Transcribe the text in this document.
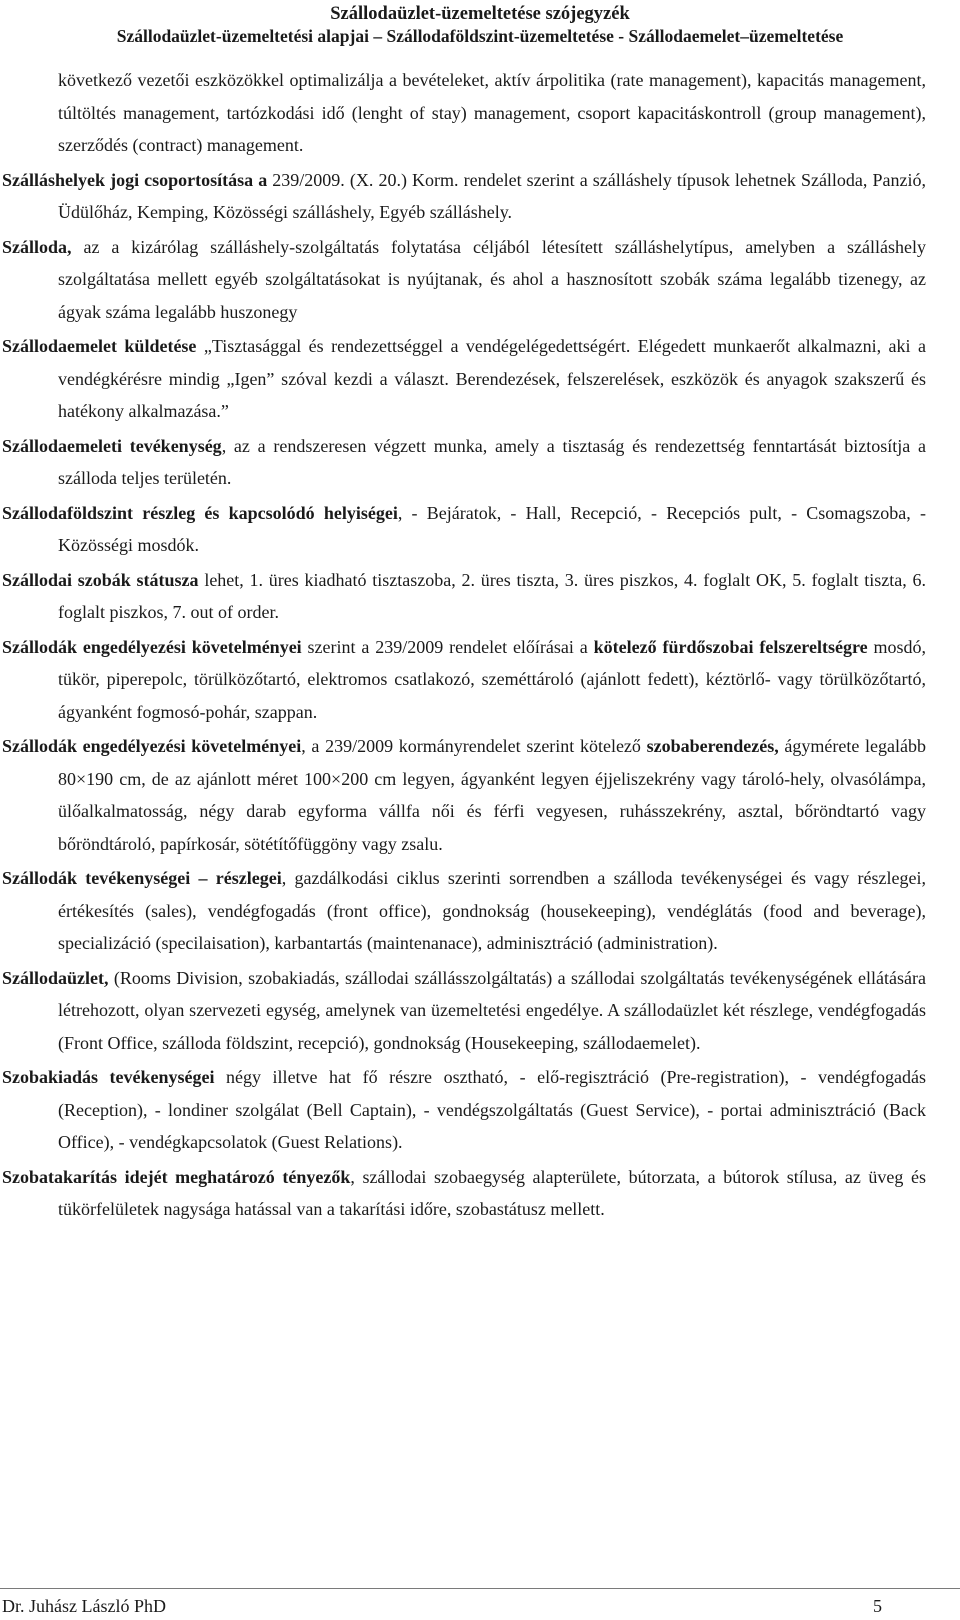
Szállodaüzlet-üzemeltetése szójegyzék
Szállodaüzlet-üzemeltetési alapjai – Szállodaföldszint-üzemeltetése - Szállodaemelet–üzemeltetése

következő vezetői eszközökkel optimalizálja a bevételeket, aktív árpolitika (rate management), kapacitás management, túltöltés management, tartózkodási idő (lenght of stay) management, csoport kapacitáskontroll (group management), szerződés (contract) management.

Szálláshelyek jogi csoportosítása a 239/2009. (X. 20.) Korm. rendelet szerint a szálláshely típusok lehetnek Szálloda, Panzió, Üdülőház, Kemping, Közösségi szálláshely, Egyéb szálláshely.

Szálloda, az a kizárólag szálláshely-szolgáltatás folytatása céljából létesített szálláshelytípus, amelyben a szálláshely szolgáltatása mellett egyéb szolgáltatásokat is nyújtanak, és ahol a hasznosított szobák száma legalább tizenegy, az ágyak száma legalább huszonegy

Szállodaemelet küldetése „Tisztasággal és rendezettséggel a vendégelégedettségért. Elégedett munkaerőt alkalmazni, aki a vendégkérésre mindig „Igen” szóval kezdi a választ. Berendezések, felszerelések, eszközök és anyagok szakszerű és hatékony alkalmazása.”

Szállodaemeleti tevékenység, az a rendszeresen végzett munka, amely a tisztaság és rendezettség fenntartását biztosítja a szálloda teljes területén.

Szállodaföldszint részleg és kapcsolódó helyiségei, - Bejáratok, - Hall, Recepció, - Recepciós pult, - Csomagszoba, - Közösségi mosdók.

Szállodai szobák státusza lehet, 1. üres kiadható tisztaszoba, 2. üres tiszta, 3. üres piszkos, 4. foglalt OK, 5. foglalt tiszta, 6. foglalt piszkos, 7. out of order.

Szállodák engedélyezési követelményei szerint a 239/2009 rendelet előírásai a kötelező fürdőszobai felszereltségre mosdó, tükör, piperepolc, törülközőtartó, elektromos csatlakozó, szeméttároló (ajánlott fedett), kéztörlő- vagy törülközőtartó, ágyanként fogmosó-pohár, szappan.

Szállodák engedélyezési követelményei, a 239/2009 kormányrendelet szerint kötelező szobaberendezés, ágymérete legalább 80×190 cm, de az ajánlott méret 100×200 cm legyen, ágyanként legyen éjjeliszekrény vagy tároló-hely, olvasólámpa, ülőalkalmatosság, négy darab egyforma vállfa női és férfi vegyesen, ruhásszekrény, asztal, bőröndtartó vagy bőröndtároló, papírkosár, sötétítőfüggöny vagy zsalu.

Szállodák tevékenységei – részlegei, gazdálkodási ciklus szerinti sorrendben a szálloda tevékenységei és vagy részlegei, értékesítés (sales), vendégfogadás (front office), gondnokság (housekeeping), vendéglátás (food and beverage), specializáció (specilaisation), karbantartás (maintenanace), adminisztráció (administration).

Szállodaüzlet, (Rooms Division, szobakiadás, szállodai szállásszolgáltatás) a szállodai szolgáltatás tevékenységének ellátására létrehozott, olyan szervezeti egység, amelynek van üzemeltetési engedélye. A szállodaüzlet két részlege, vendégfogadás (Front Office, szálloda földszint, recepció), gondnokság (Housekeeping, szállodaemelet).

Szobakiadás tevékenységei négy illetve hat fő részre osztható, - elő-regisztráció (Pre-registration), - vendégfogadás (Reception), - londiner szolgálat (Bell Captain), - vendégszolgáltatás (Guest Service), - portai adminisztráció (Back Office), - vendégkapcsolatok (Guest Relations).

Szobatakarítás idejét meghatározó tényezők, szállodai szobaegység alapterülete, bútorzata, a bútorok stílusa, az üveg és tükörfelületek nagysága hatással van a takarítási időre, szobastátusz mellett.

Dr. Juhász László PhD	5
